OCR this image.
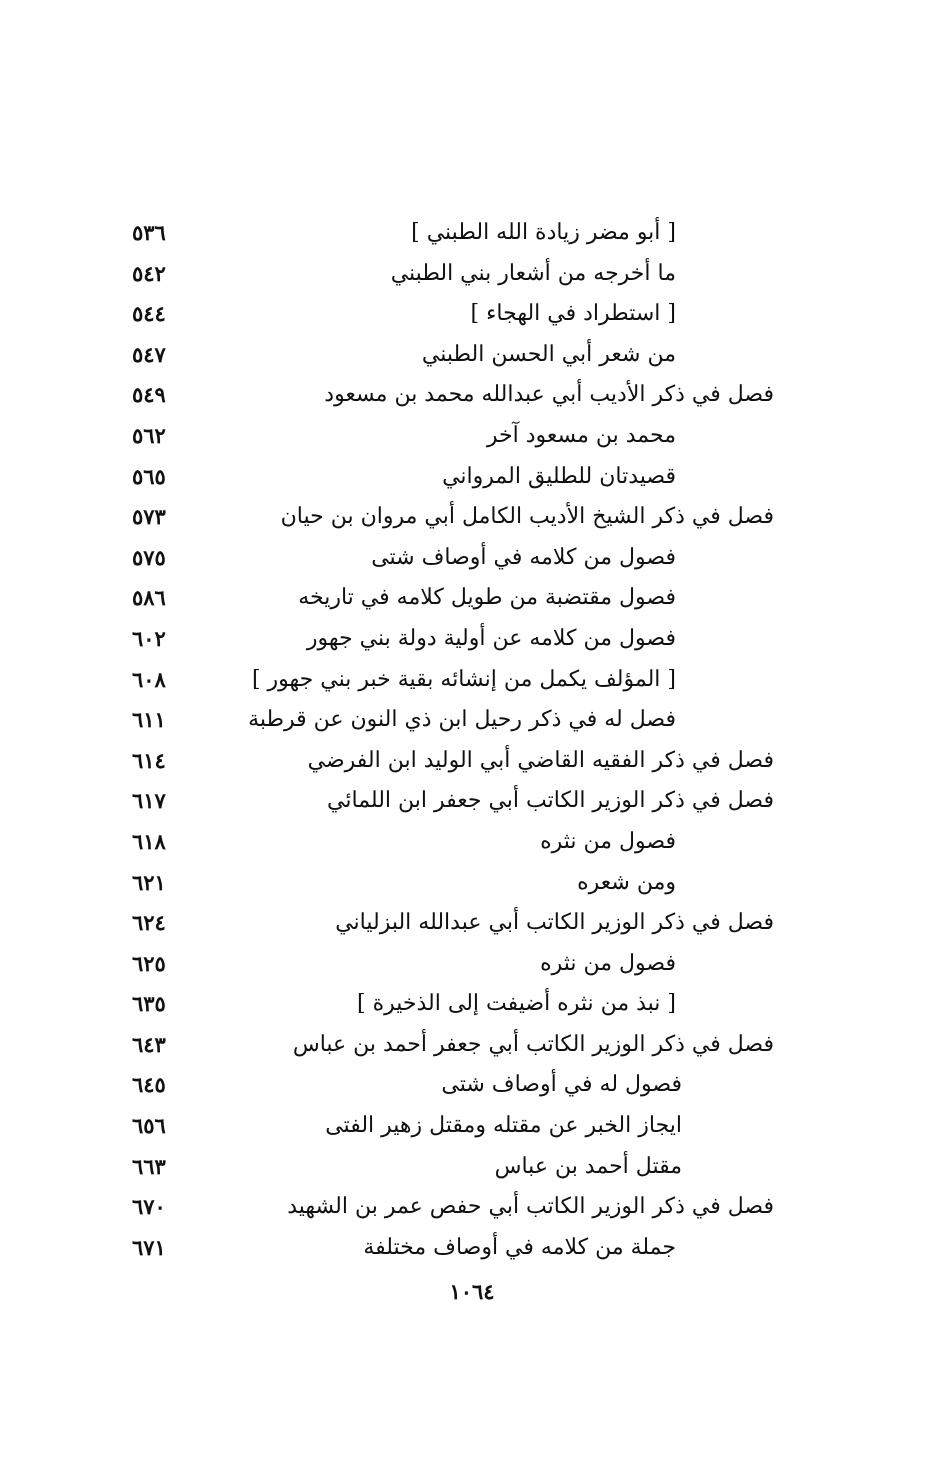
[ أبو مضر زيادة الله الطبني ]
٥٣٦
ما أخرجه من أشعار بني الطبني
٥٤٢
[ استطراد في الهجاء ]
٥٤٤
من شعر أبي الحسن الطبني
٥٤٧
فصل في ذكر الأديب أبي عبدالله محمد بن مسعود
٥٤٩
محمد بن مسعود آخر
٥٦٢
قصيدتان للطليق المرواني
٥٦٥
فصل في ذكر الشيخ الأديب الكامل أبي مروان بن حيان
٥٧٣
فصول من كلامه في أوصاف شتى
٥٧٥
فصول مقتضبة من طويل كلامه في تاريخه
٥٨٦
فصول من كلامه عن أولية دولة بني جهور
٦٠٢
[ المؤلف يكمل من إنشائه بقية خبر بني جهور ]
٦٠٨
فصل له في ذكر رحيل ابن ذي النون عن قرطبة
٦١١
فصل في ذكر الفقيه القاضي أبي الوليد ابن الفرضي
٦١٤
فصل في ذكر الوزير الكاتب أبي جعفر ابن اللمائي
٦١٧
فصول من نثره
٦١٨
ومن شعره
٦٢١
فصل في ذكر الوزير الكاتب أبي عبدالله البزلياني
٦٢٤
فصول من نثره
٦٢٥
[ نبذ من نثره أضيفت إلى الذخيرة ]
٦٣٥
فصل في ذكر الوزير الكاتب أبي جعفر أحمد بن عباس
٦٤٣
فصول له في أوصاف شتى
٦٤٥
ايجاز الخبر عن مقتله ومقتل زهير الفتى
٦٥٦
مقتل أحمد بن عباس
٦٦٣
فصل في ذكر الوزير الكاتب أبي حفص عمر بن الشهيد
٦٧٠
جملة من كلامه في أوصاف مختلفة
٦٧١
١٠٦٤
